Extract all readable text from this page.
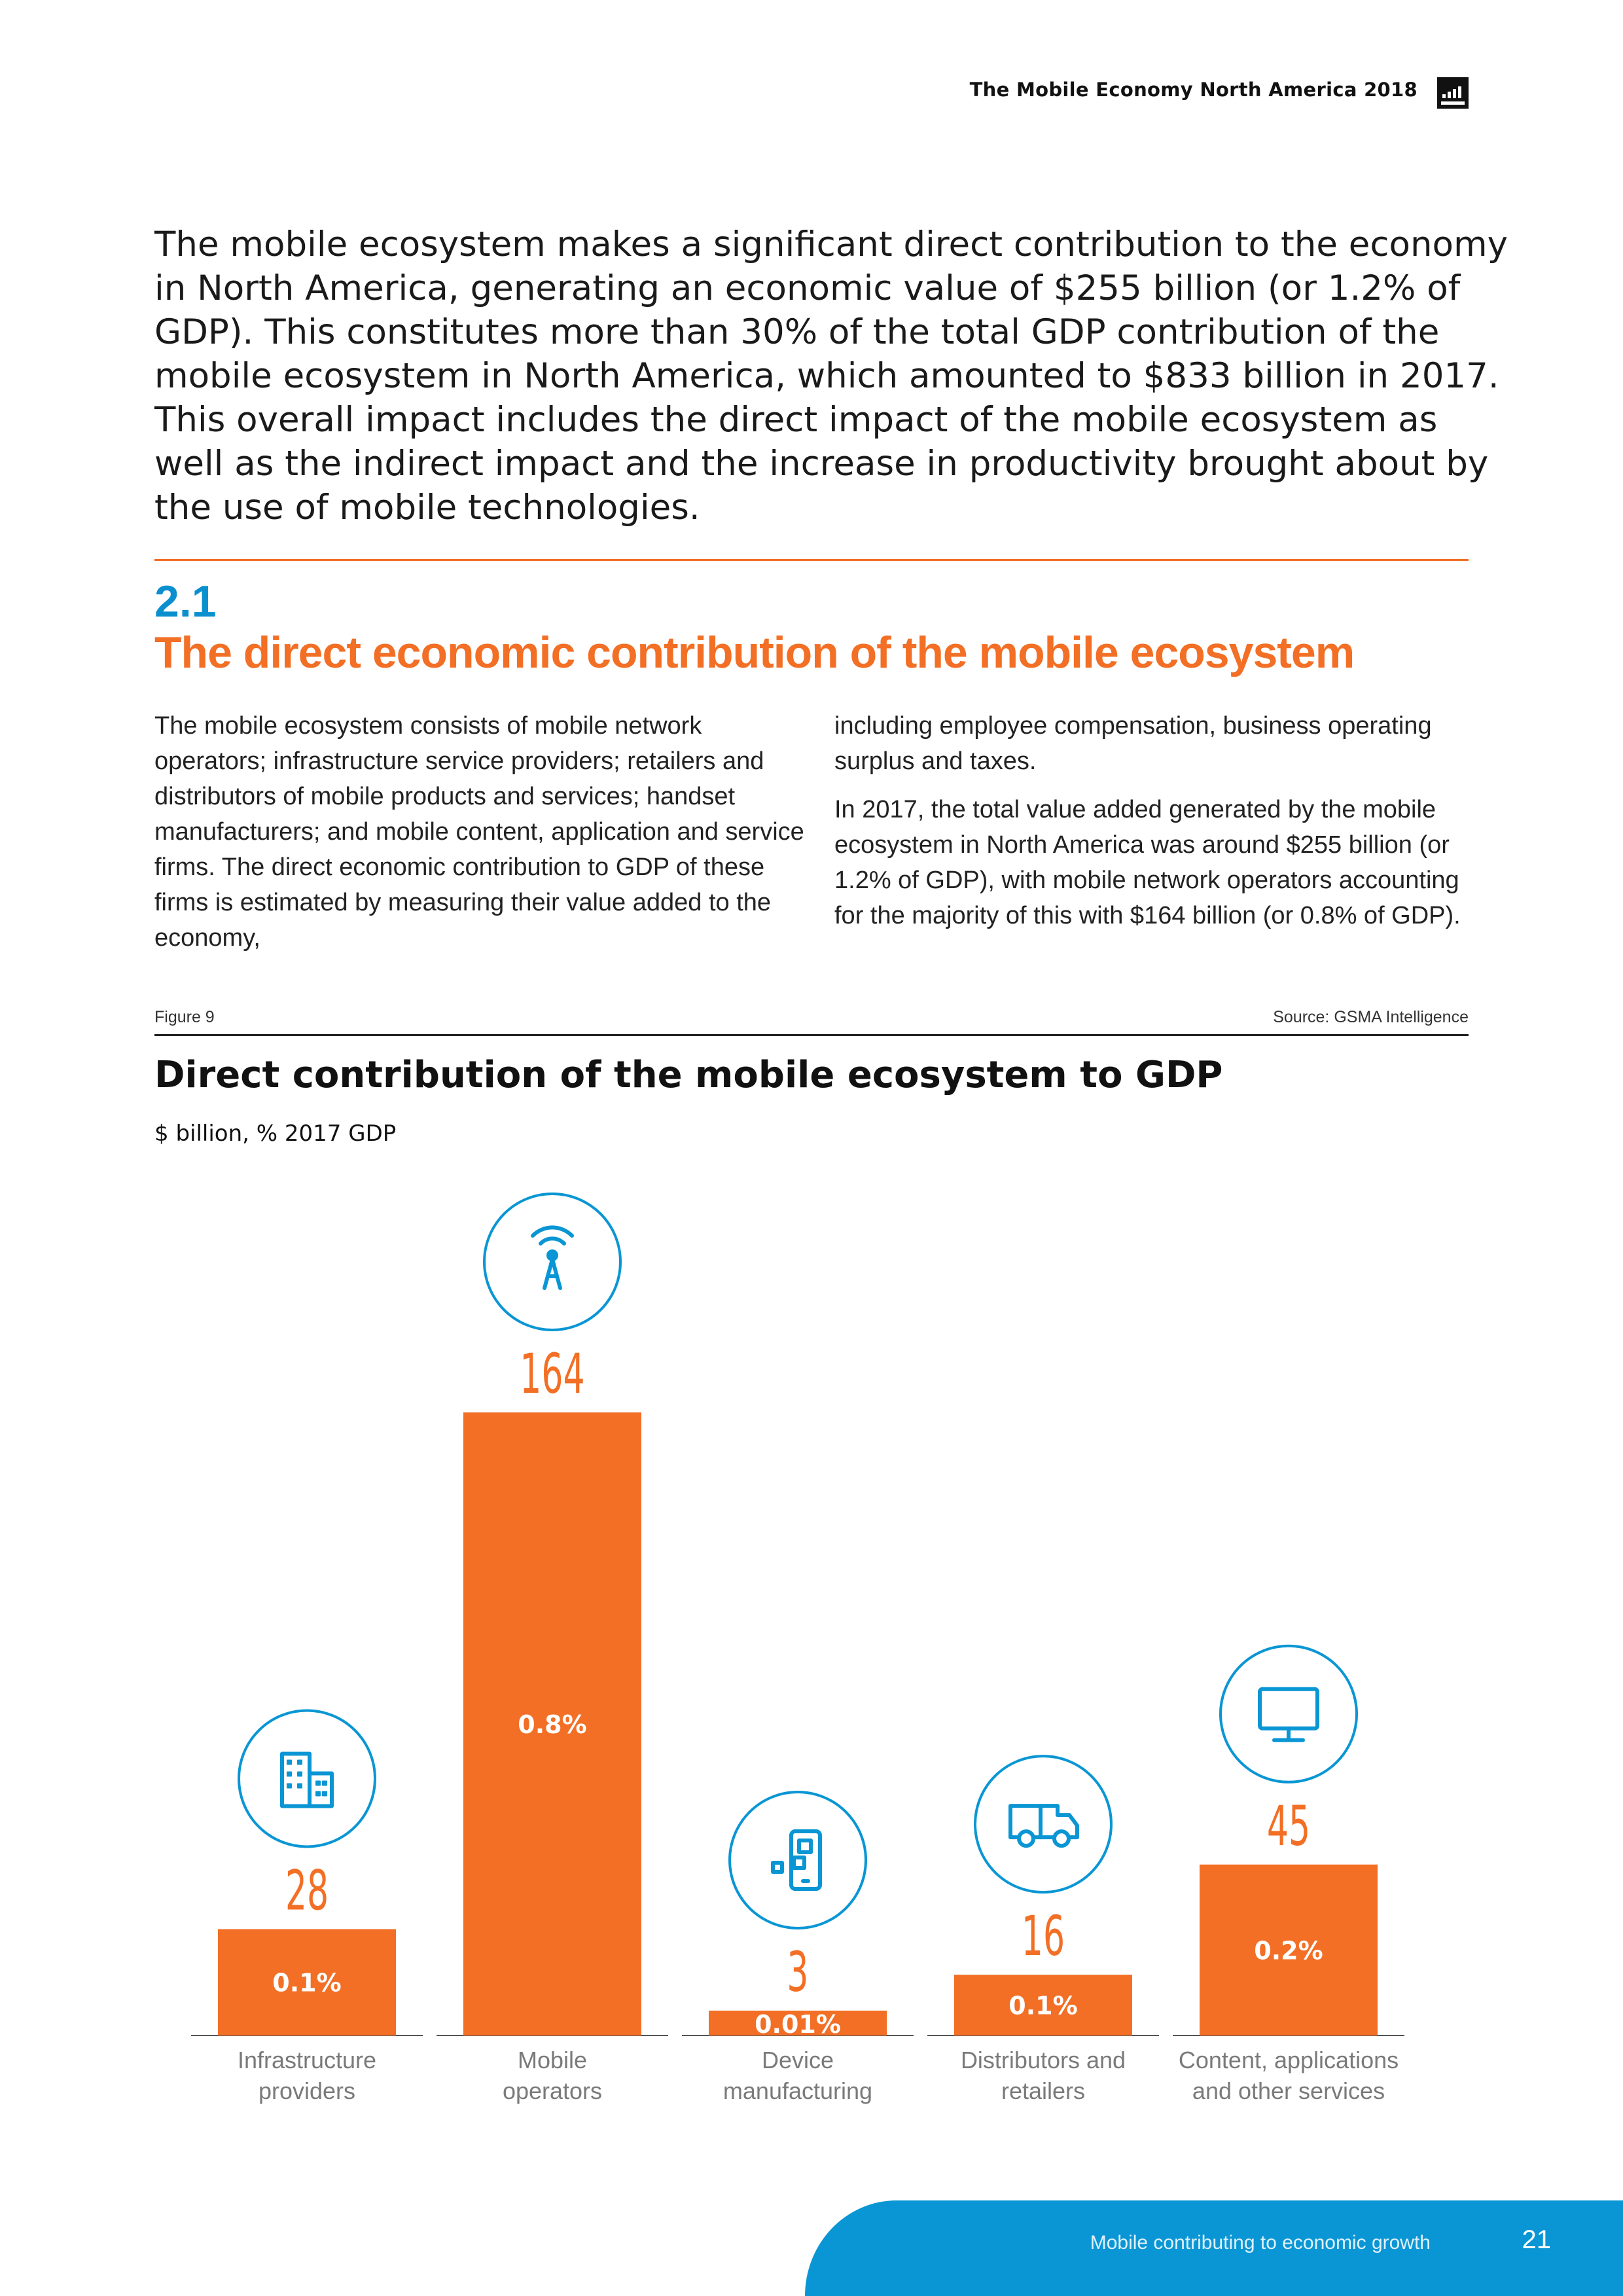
The Mobile Economy North America 2018
The mobile ecosystem makes a significant direct contribution to the economy in North America, generating an economic value of $255 billion (or 1.2% of GDP). This constitutes more than 30% of the total GDP contribution of the mobile ecosystem in North America, which amounted to $833 billion in 2017. This overall impact includes the direct impact of the mobile ecosystem as well as the indirect impact and the increase in productivity brought about by the use of mobile technologies.
2.1
The direct economic contribution of the mobile ecosystem

The mobile ecosystem consists of mobile network operators; infrastructure service providers; retailers and distributors of mobile products and services; handset manufacturers; and mobile content, application and service firms. The direct economic contribution to GDP of these firms is estimated by measuring their value added to the economy,

including employee compensation, business operating surplus and taxes.

In 2017, the total value added generated by the mobile ecosystem in North America was around $255 billion (or 1.2% of GDP), with mobile network operators accounting for the majority of this with $164 billion (or 0.8% of GDP).

Figure 9	Source: GSMA Intelligence
Direct contribution of the mobile ecosystem to GDP
$ billion, % 2017 GDP
0.1%
28
Infrastructure
providers
0.8%
164
Mobile
operators
0.01%
3
Device
manufacturing
0.1%
16
Distributors and
retailers
0.2%
45
Content, applications
and other services
Mobile contributing to economic growth	21
